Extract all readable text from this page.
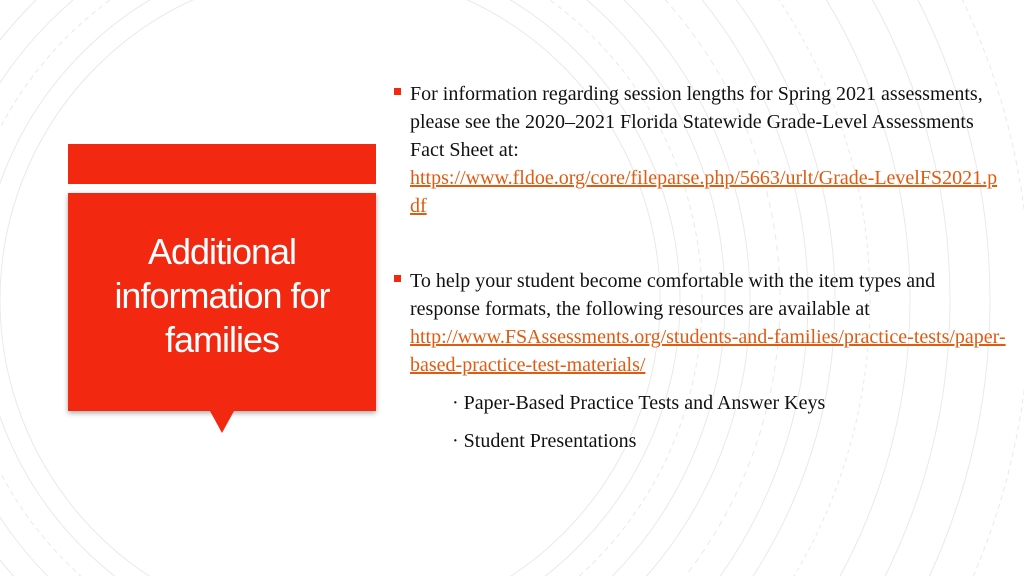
Additional
information for
families
For information regarding session lengths for Spring 2021 assessments, please see the 2020–2021 Florida Statewide Grade-Level Assessments Fact Sheet at:
https://www.fldoe.org/core/fileparse.php/5663/urlt/Grade-LevelFS2021.pdf
To help your student become comfortable with the item types and response formats, the following resources are available at
http://www.FSAssessments.org/students-and-families/practice-tests/paper-based-practice-test-materials/
· Paper-Based Practice Tests and Answer Keys
· Student Presentations
